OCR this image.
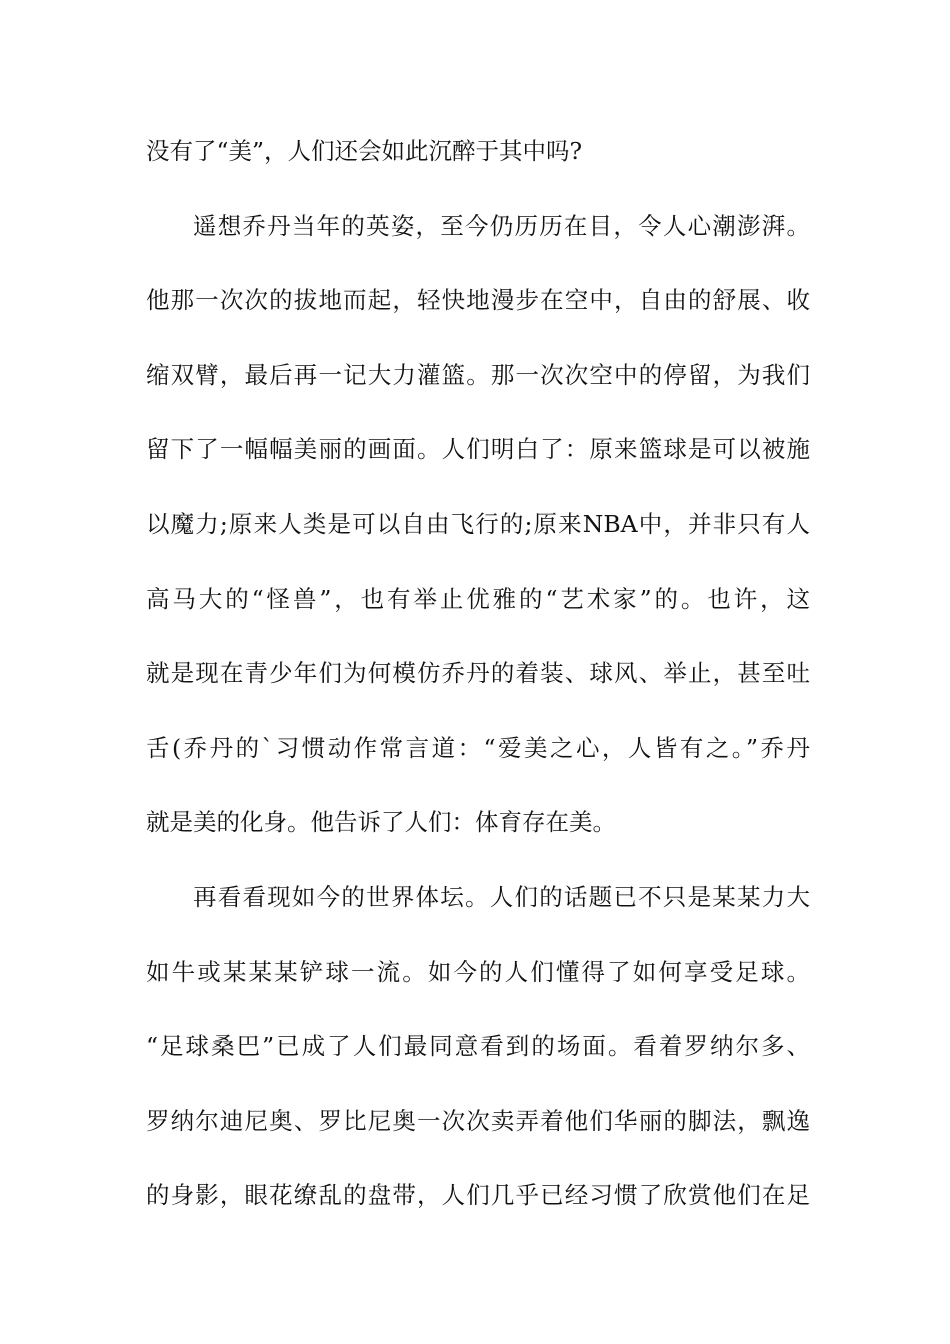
没有了“美”，人们还会如此沉醉于其中吗?
遥想乔丹当年的英姿，至今仍历历在目，令人心潮澎湃。
他那一次次的拔地而起，轻快地漫步在空中，自由的舒展、收
缩双臂，最后再一记大力灌篮。那一次次空中的停留，为我们
留下了一幅幅美丽的画面。人们明白了：原来篮球是可以被施
以魔力;原来人类是可以自由飞行的;原来NBA中，并非只有人
高马大的“怪兽”，也有举止优雅的“艺术家”的。也许，这
就是现在青少年们为何模仿乔丹的着装、球风、举止，甚至吐
舌(乔丹的`习惯动作常言道：“爱美之心，人皆有之。”乔丹
就是美的化身。他告诉了人们：体育存在美。
再看看现如今的世界体坛。人们的话题已不只是某某力大
如牛或某某某铲球一流。如今的人们懂得了如何享受足球。
“足球桑巴”已成了人们最同意看到的场面。看着罗纳尔多、
罗纳尔迪尼奥、罗比尼奥一次次卖弄着他们华丽的脚法，飘逸
的身影，眼花缭乱的盘带，人们几乎已经习惯了欣赏他们在足
